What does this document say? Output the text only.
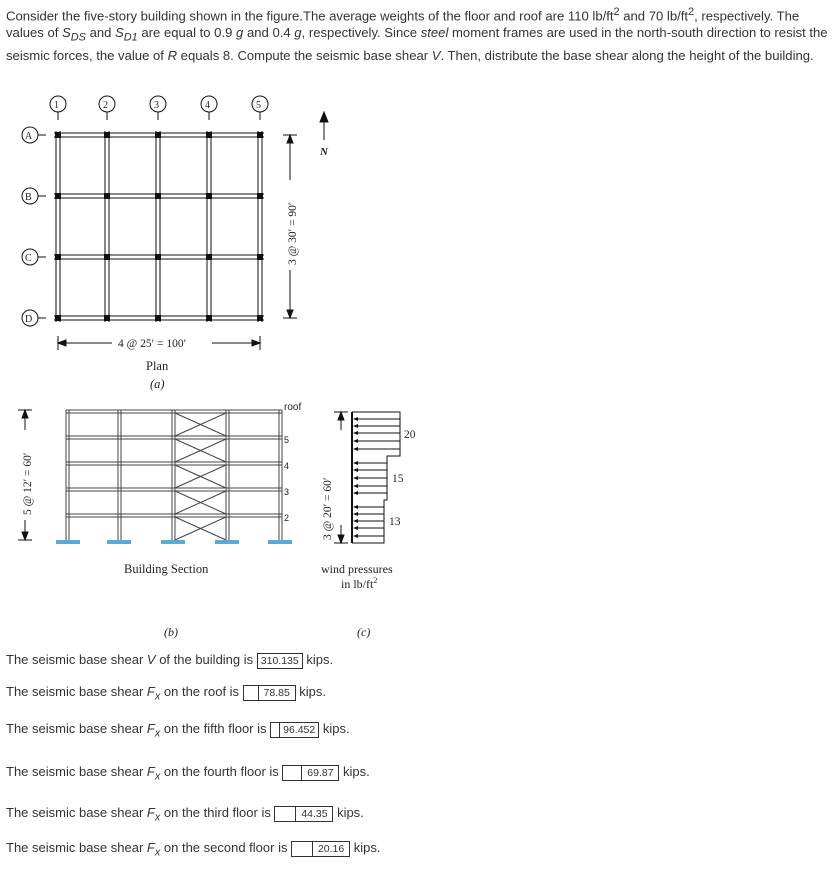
Consider the five-story building shown in the figure.The average weights of the floor and roof are 110 $lb/ft^2$ and 70 $lb/ft^2$, respectively. The values of $S_{DS}$ and $S_{D1}$ are equal to 0.9 g and 0.4 g, respectively. Since steel moment frames are used in the north-south direction to resist the seismic forces, the value of R equals 8. Compute the seismic base shear V. Then, distribute the base shear along the height of the building.
1	2	3	4	5
A
B
C
D
4 @ 25′ = 100′
3 @ 30′ = 90′
N
Plan
(a)
5 @ 12′ = 60′
roof
5
4
3
2
Building Section
(b)
3 @ 20′ = 60′
20
15
13
wind pressures
in $lb/ft^2$
(c)
The seismic base shear V of the building is 310.135 kips.
The seismic base shear $F_x$ on the roof is 78.85 kips.
The seismic base shear $F_x$ on the fifth floor is 96.452 kips.
The seismic base shear $F_x$ on the fourth floor is 69.87 kips.
The seismic base shear $F_x$ on the third floor is	44.35 kips.
The seismic base shear $F_x$ on the second floor is	20.16 kips.
